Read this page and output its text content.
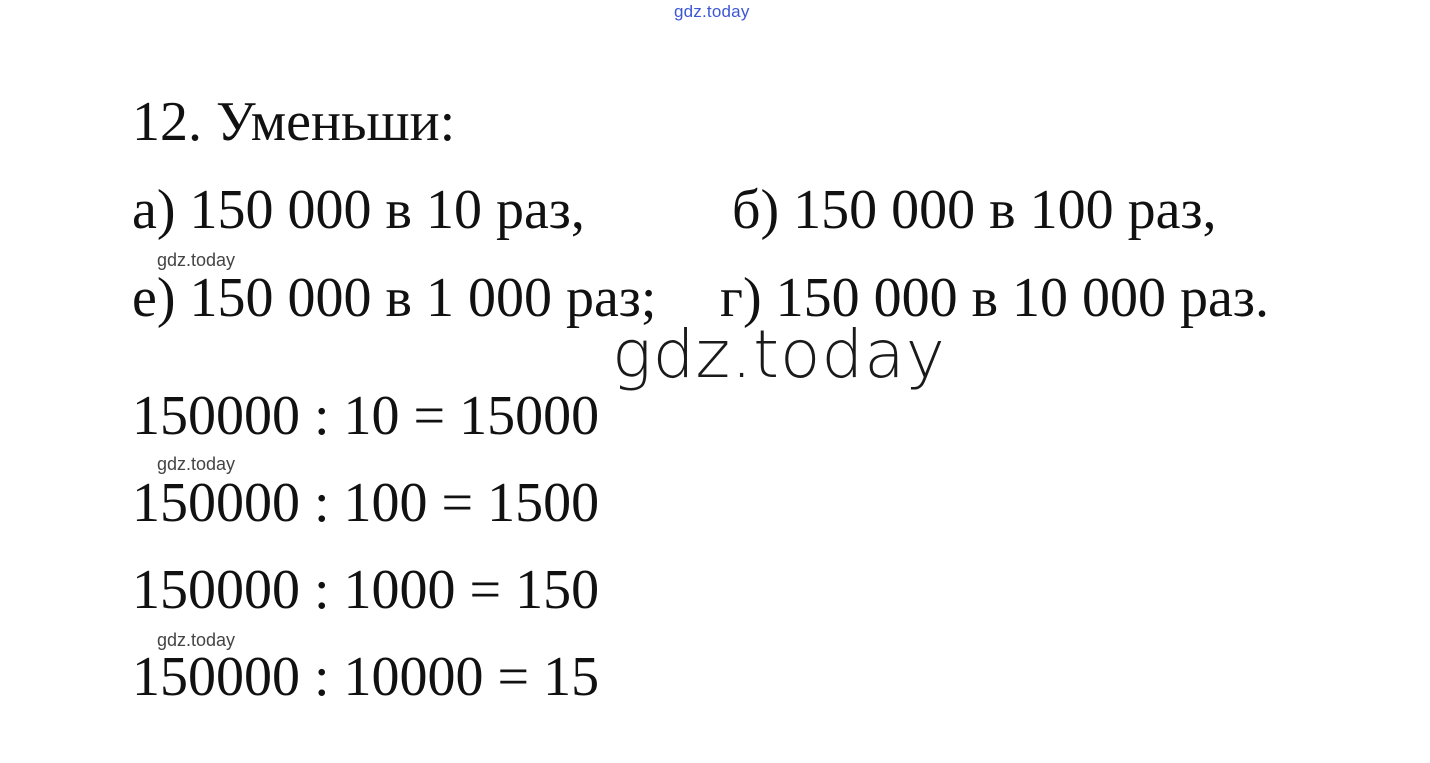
gdz.today
12. Уменьши:
а) 150 000 в 10 раз,	б) 150 000 в 100 раз,
gdz.today
е) 150 000 в 1 000 раз; г) 150 000 в 10 000 раз.
gdz.today
150000 : 10 = 15000
gdz.today
150000 : 100 = 1500
150000 : 1000 = 150
gdz.today
150000 : 10000 = 15
